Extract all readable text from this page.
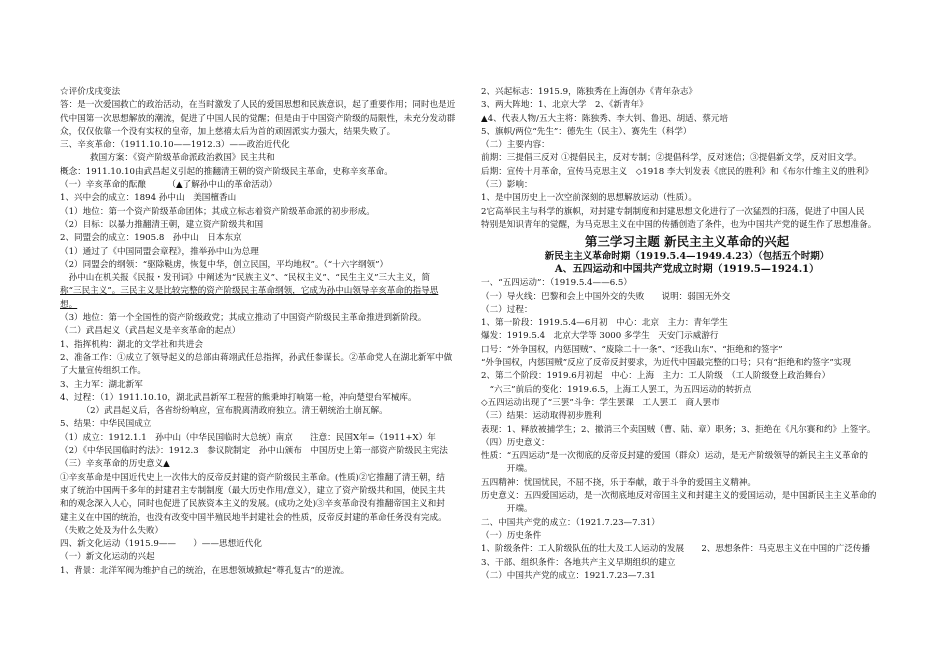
☆评价戊戌变法
答：是一次爱国救亡的政治活动，在当时激发了人民的爱国思想和民族意识，起了重要作用；同时也是近
代中国第一次思想解放的潮流，促进了中国人民的觉醒；但是由于中国资产阶级的局限性，未充分发动群
众，仅仅依靠一个没有实权的皇帝，加上慈禧太后为首的顽固派实力强大，结果失败了。
三、辛亥革命：（1911.10.10——1912.3）——政治近代化
救国方案：《资产阶级革命派政治救国》民主共和
概念：1911.10.10由武昌起义引起的推翻清王朝的资产阶级民主革命，史称辛亥革命。
（一）辛亥革命的酝酿　　　（▲了解孙中山的革命活动）
1、兴中会的成立：1894 孙中山　美国檀香山
（1）地位：第一个资产阶级革命团体；其成立标志着资产阶级革命派的初步形成。
（2）目标：以暴力推翻清王朝，建立资产阶级共和国
2、同盟会的成立：1905.8　孙中山　日本东京
（1）通过了《中国同盟会章程》，推举孙中山为总理
（2）同盟会的纲领：“驱除鞑虏，恢复中华，创立民国，平均地权”。（“十六字纲领”）
　孙中山在机关报《民报・发刊词》中阐述为“民族主义”、“民权主义”、“民生主义”三大主义，简
称“三民主义”。三民主义是比较完整的资产阶级民主革命纲领，它成为孙中山领导辛亥革命的指导思
想。
（3）地位：第一个全国性的资产阶级政党；其成立推动了中国资产阶级民主革命推进到新阶段。
（二）武昌起义（武昌起义是辛亥革命的起点）
1、指挥机构：湖北的文学社和共进会
2、准备工作：①成立了领导起义的总部由蒋翊武任总指挥，孙武任参谋长。②革命党人在湖北新军中做
了大量宣传组织工作。
3、主力军：湖北新军
4、过程：（1）1911.10.10，湖北武昌新军工程营的熊秉坤打响第一枪，冲向楚望台军械库。
　　　（2）武昌起义后，各省纷纷响应，宣布脱离清政府独立。清王朝统治土崩瓦解。
5、结果：中华民国成立
（1）成立：1912.1.1　孙中山（中华民国临时大总统）南京　　注意：民国X年=（1911+X）年
（2）《中华民国临时约法》：1912.3　参议院制定　孙中山颁布　中国历史上第一部资产阶级民主宪法
（三）辛亥革命的历史意义▲
①辛亥革命是中国近代史上一次伟大的反帝反封建的资产阶级民主革命。(性质)②它推翻了清王朝，结
束了统治中国两千多年的封建君主专制制度（最大历史作用/意义），建立了资产阶级共和国，使民主共
和的观念深入人心，同时也促进了民族资本主义的发展。(成功之处)③辛亥革命没有推翻帝国主义和封
建主义在中国的统治，也没有改变中国半殖民地半封建社会的性质，反帝反封建的革命任务没有完成。
（失败之处及为什么失败）
四、新文化运动（1915.9——　　）——思想近代化
（一）新文化运动的兴起
1、背景：北洋军阀为维护自己的统治，在思想领域掀起“尊孔复古”的逆流。
2、兴起标志：1915.9，陈独秀在上海创办《青年杂志》
3、两大阵地：1、北京大学　2、《新青年》
▲4、代表人物/五大主将：陈独秀、李大钊、鲁迅、胡适、蔡元培
5、旗帜/两位“先生”：德先生（民主）、赛先生（科学）
（二）主要内容：
前期：三提倡三反对 ①提倡民主，反对专制；②提倡科学，反对迷信；③提倡新文学，反对旧文学。
后期：宣传十月革命，宣传马克思主义　◇1918 李大钊发表《庶民的胜利》和《布尔什维主义的胜利》
（三）影响：
1、是中国历史上一次空前深刻的思想解放运动（性质）。
2它高举民主与科学的旗帜，对封建专制制度和封建思想文化进行了一次猛烈的扫荡，促进了中国人民
特别是知识青年的觉醒，为马克思主义在中国的传播创造了条件，也为中国共产党的诞生作了思想准备。
第三学习主题 新民主主义革命的兴起
新民主主义革命时期（1919.5.4—1949.4.23）（包括五个时期）
A、五四运动和中国共产党成立时期（1919.5—1924.1）
一、“五四运动”：（1919.5.4——6.5）
（一）导火线：巴黎和会上中国外交的失败　　说明：弱国无外交
（二）过程：
1、第一阶段：1919.5.4—6月初　中心：北京　主力：青年学生
爆发：1919.5.4　北京大学等 3000 多学生　天安门示威游行
口号：“外争国权，内惩国贼”、“废除二十一条”、“还我山东”、“拒绝和约签字”
“外争国权，内惩国贼”反应了反帝反封要求，为近代中国最完整的口号；只有“拒绝和约签字”实现
2、第二个阶段：1919.6月初起　中心：上海　主力：工人阶级　（工人阶级登上政治舞台）
　“六三”前后的变化：1919.6.5，上海工人罢工，为五四运动的转折点
◇五四运动出现了“三罢”斗争：学生罢课　工人罢工　商人罢市
（三）结果：运动取得初步胜利
表现：1、释放被捕学生；2、撤消三个卖国贼（曹、陆、章）职务；3、拒绝在《凡尔赛和约》上签字。
（四）历史意义：
性质：“五四运动”是一次彻底的反帝反封建的爱国（群众）运动，是无产阶级领导的新民主主义革命的
　　　开端。
五四精神：忧国忧民，不屈不挠，乐于奉献，敢于斗争的爱国主义精神。
历史意义：五四爱国运动，是一次彻底地反对帝国主义和封建主义的爱国运动，是中国新民主主义革命的
　　　开端。
二、中国共产党的成立：（1921.7.23—7.31）
（一）历史条件
1、阶级条件：工人阶级队伍的壮大及工人运动的发展　　2、思想条件：马克思主义在中国的广泛传播
3、干部、组织条件：各地共产主义早期组织的建立
（二）中国共产党的成立：1921.7.23—7.31
